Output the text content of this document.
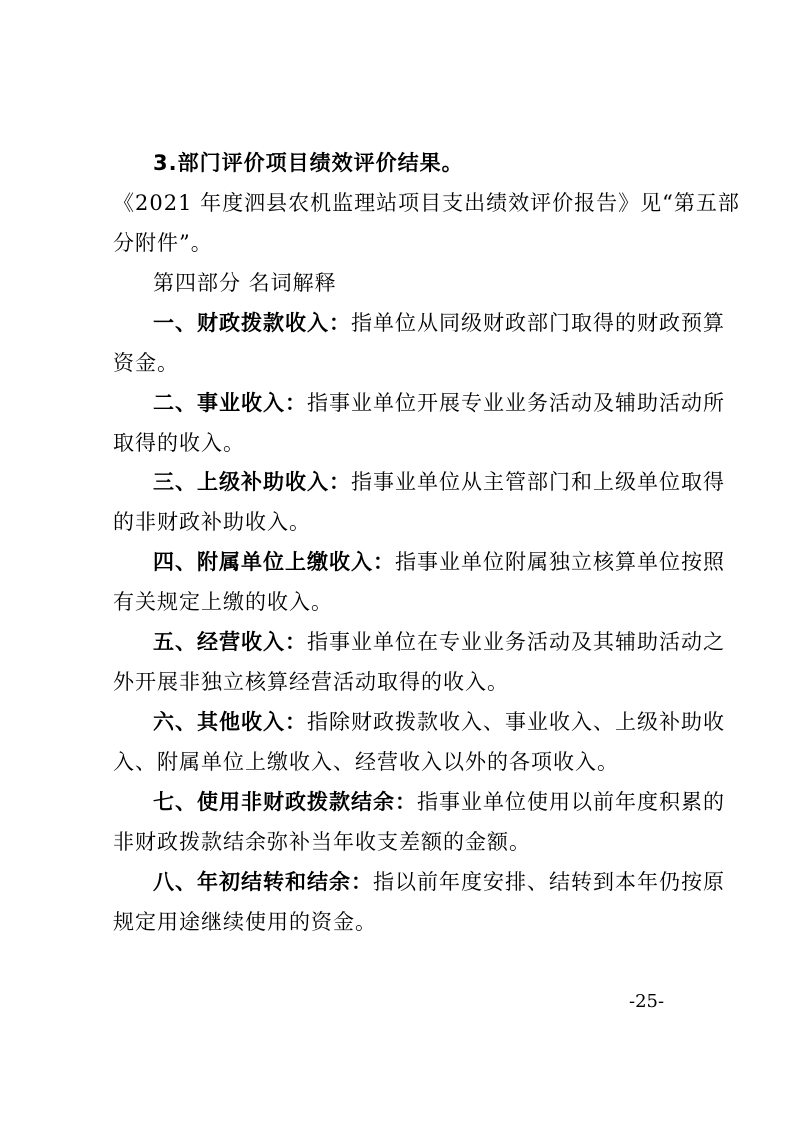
3.部门评价项目绩效评价结果。
《2021 年度泗县农机监理站项目支出绩效评价报告》见“第五部
分附件”。
第四部分 名词解释
一、财政拨款收入：指单位从同级财政部门取得的财政预算
资金。
二、事业收入：指事业单位开展专业业务活动及辅助活动所
取得的收入。
三、上级补助收入：指事业单位从主管部门和上级单位取得
的非财政补助收入。
四、附属单位上缴收入：指事业单位附属独立核算单位按照
有关规定上缴的收入。
五、经营收入：指事业单位在专业业务活动及其辅助活动之
外开展非独立核算经营活动取得的收入。
六、其他收入：指除财政拨款收入、事业收入、上级补助收
入、附属单位上缴收入、经营收入以外的各项收入。
七、使用非财政拨款结余：指事业单位使用以前年度积累的
非财政拨款结余弥补当年收支差额的金额。
八、年初结转和结余：指以前年度安排、结转到本年仍按原
规定用途继续使用的资金。
-25-
